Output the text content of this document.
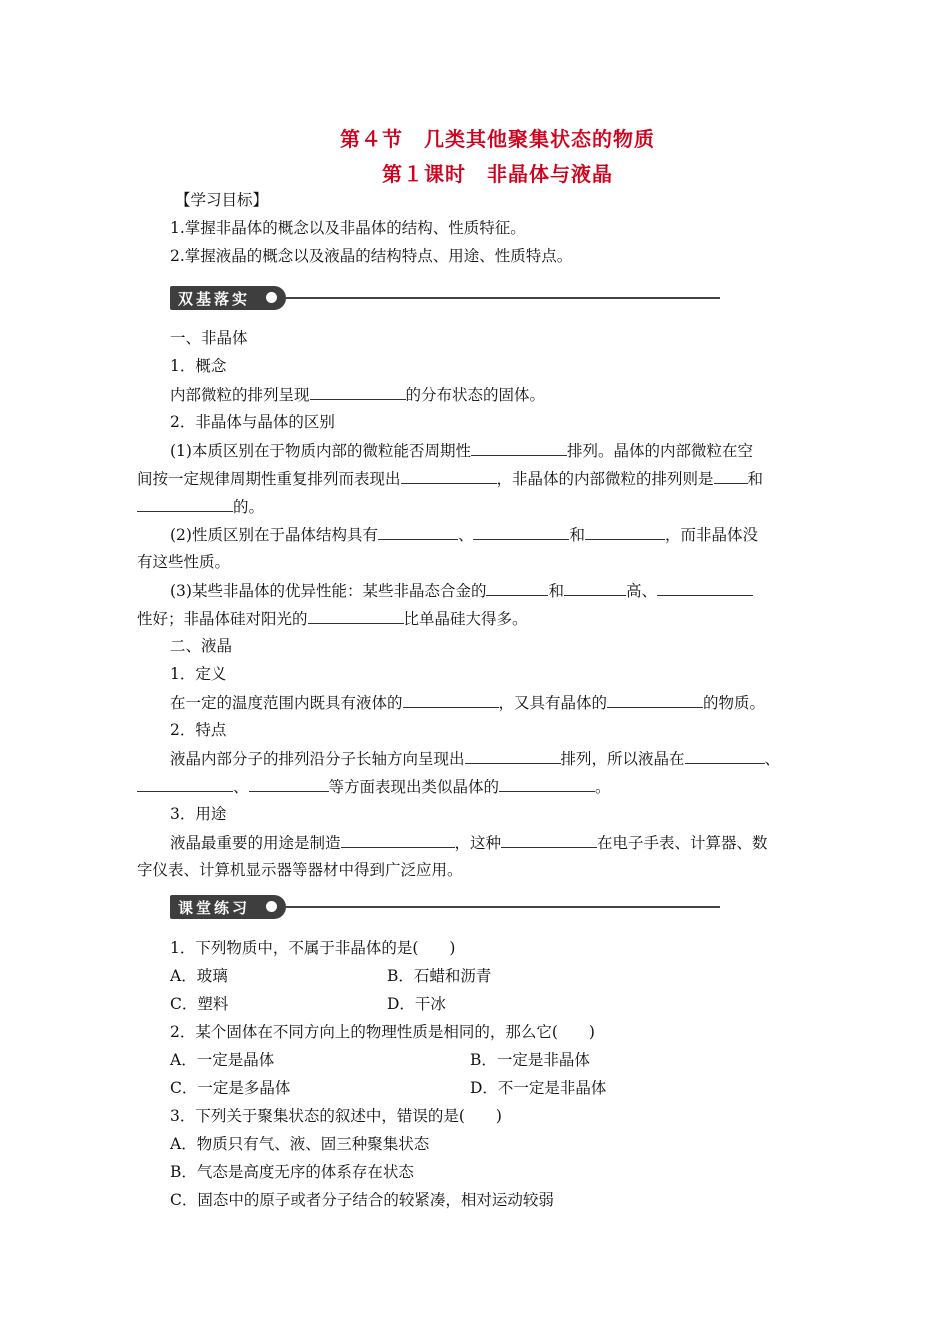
第４节　几类其他聚集状态的物质
第１课时　非晶体与液晶
【学习目标】
1.掌握非晶体的概念以及非晶体的结构、性质特征。
2.掌握液晶的概念以及液晶的结构特点、用途、性质特点。
双基落实
一、非晶体
1．概念
内部微粒的排列呈现	的分布状态的固体。
2．非晶体与晶体的区别
(1)本质区别在于物质内部的微粒能否周期性	排列。晶体的内部微粒在空
间按一定规律周期性重复排列而表现出	，非晶体的内部微粒的排列则是 和
的。
(2)性质区别在于晶体结构具有	、	和	，而非晶体没
有这些性质。
(3)某些非晶体的优异性能：某些非晶态合金的	和	高、
性好；非晶体硅对阳光的	比单晶硅大得多。
二、液晶
1．定义
在一定的温度范围内既具有液体的	，又具有晶体的	的物质。
2．特点
液晶内部分子的排列沿分子长轴方向呈现出	排列，所以液晶在	、
、	等方面表现出类似晶体的	。
3．用途
液晶最重要的用途是制造	，这种	在电子手表、计算器、数
字仪表、计算机显示器等器材中得到广泛应用。
课堂练习
1．下列物质中，不属于非晶体的是(　　)
A．玻璃	B．石蜡和沥青
C．塑料	D．干冰
2．某个固体在不同方向上的物理性质是相同的，那么它(　　)
A．一定是晶体	B．一定是非晶体
C．一定是多晶体	D．不一定是非晶体
3．下列关于聚集状态的叙述中，错误的是(　　)
A．物质只有气、液、固三种聚集状态
B．气态是高度无序的体系存在状态
C．固态中的原子或者分子结合的较紧凑，相对运动较弱
